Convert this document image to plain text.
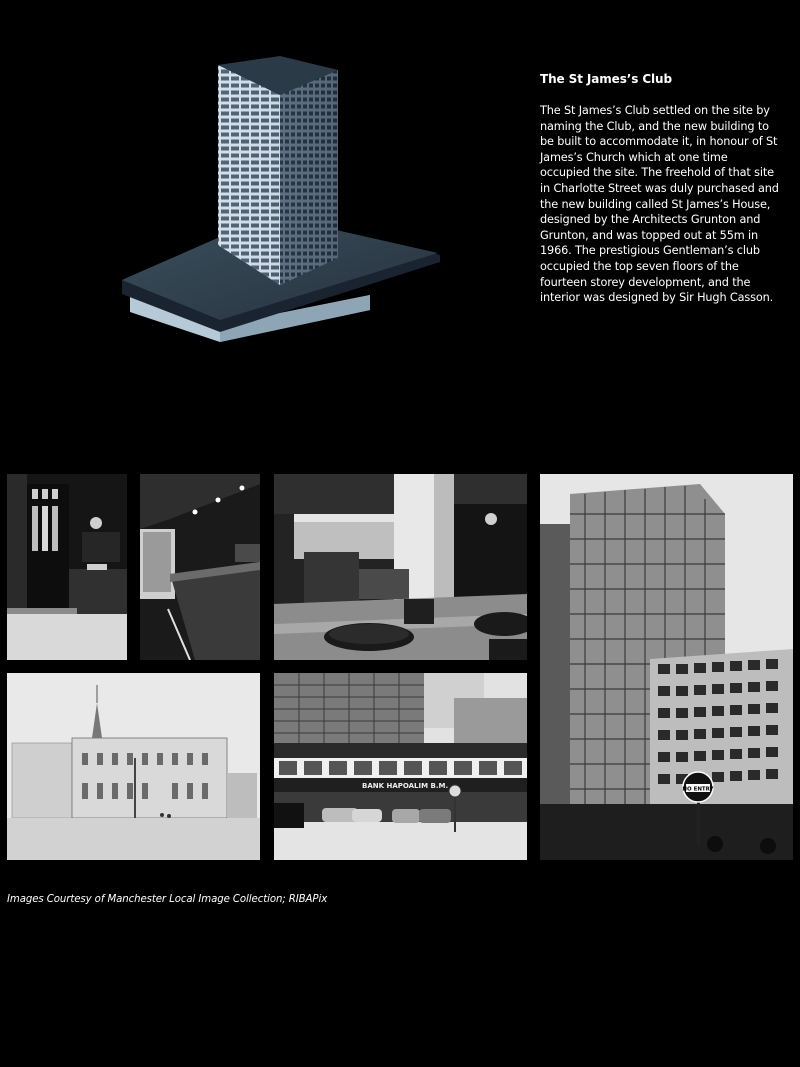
The St James’s Club

The St James’s Club settled on the site by naming the Club, and the new building to be built to accommodate it, in honour of St James’s Church which at one time occupied the site. The freehold of that site in Charlotte Street was duly purchased and the new building called St James’s House, designed by the Architects Grunton and Grunton, and was topped out at 55m in 1966. The prestigious Gentleman’s club occupied the top seven floors of the fourteen storey development, and the interior was designed by Sir Hugh Casson.

NO ENTRY
BANK HAPOALIM B.M.
Images Courtesy of Manchester Local Image Collection; RIBAPix
